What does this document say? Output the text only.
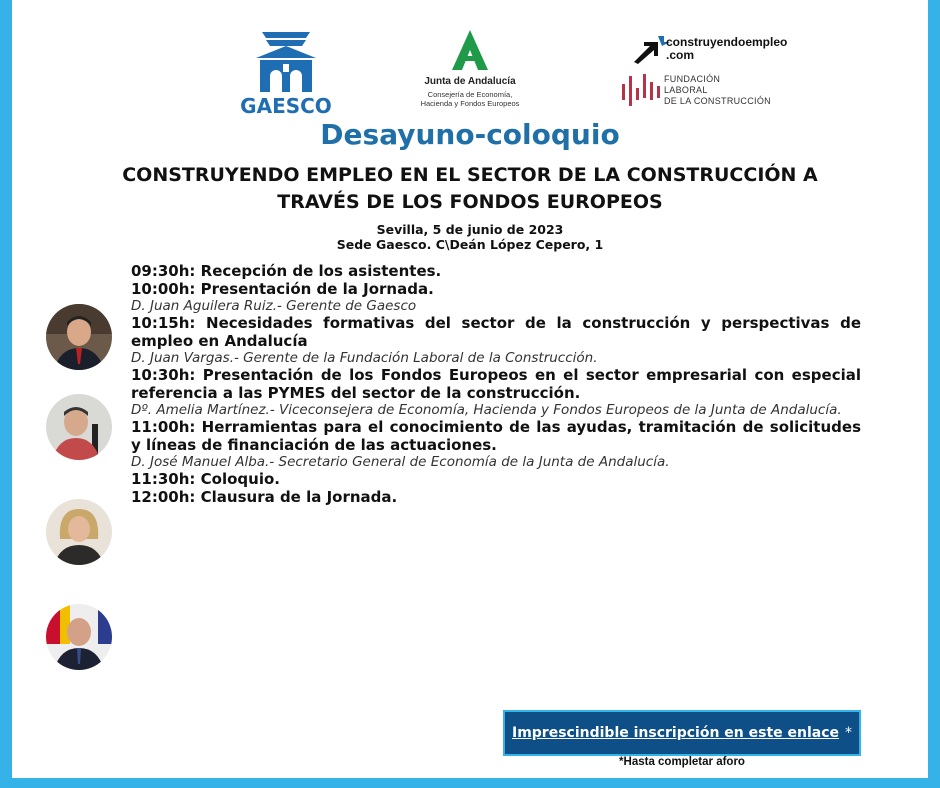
GAESCO
Junta de Andalucía
Consejería de Economía,
Hacienda y Fondos Europeos
construyendoempleo
.com
FUNDACIÓN
LABORAL
DE LA CONSTRUCCIÓN
Desayuno-coloquio
CONSTRUYENDO EMPLEO EN EL SECTOR DE LA CONSTRUCCIÓN A TRAVÉS DE LOS FONDOS EUROPEOS
Sevilla, 5 de junio de 2023
Sede Gaesco. C\Deán López Cepero, 1

09:30h: Recepción de los asistentes.

10:00h: Presentación de la Jornada.

D. Juan Aguilera Ruiz.- Gerente de Gaesco

10:15h: Necesidades formativas del sector de la construcción y perspectivas de empleo en Andalucía

D. Juan Vargas.- Gerente de la Fundación Laboral de la Construcción.

10:30h: Presentación de los Fondos Europeos en el sector empresarial con especial referencia a las PYMES del sector de la construcción.

Dº. Amelia Martínez.- Viceconsejera de Economía, Hacienda y Fondos Europeos de la Junta de Andalucía.

11:00h: Herramientas para el conocimiento de las ayudas, tramitación de solicitudes y líneas de financiación de las actuaciones.

D. José Manuel Alba.- Secretario General de Economía de la Junta de Andalucía.

11:30h: Coloquio.

12:00h: Clausura de la Jornada.

Imprescindible inscripción en este enlace *
*Hasta completar aforo
